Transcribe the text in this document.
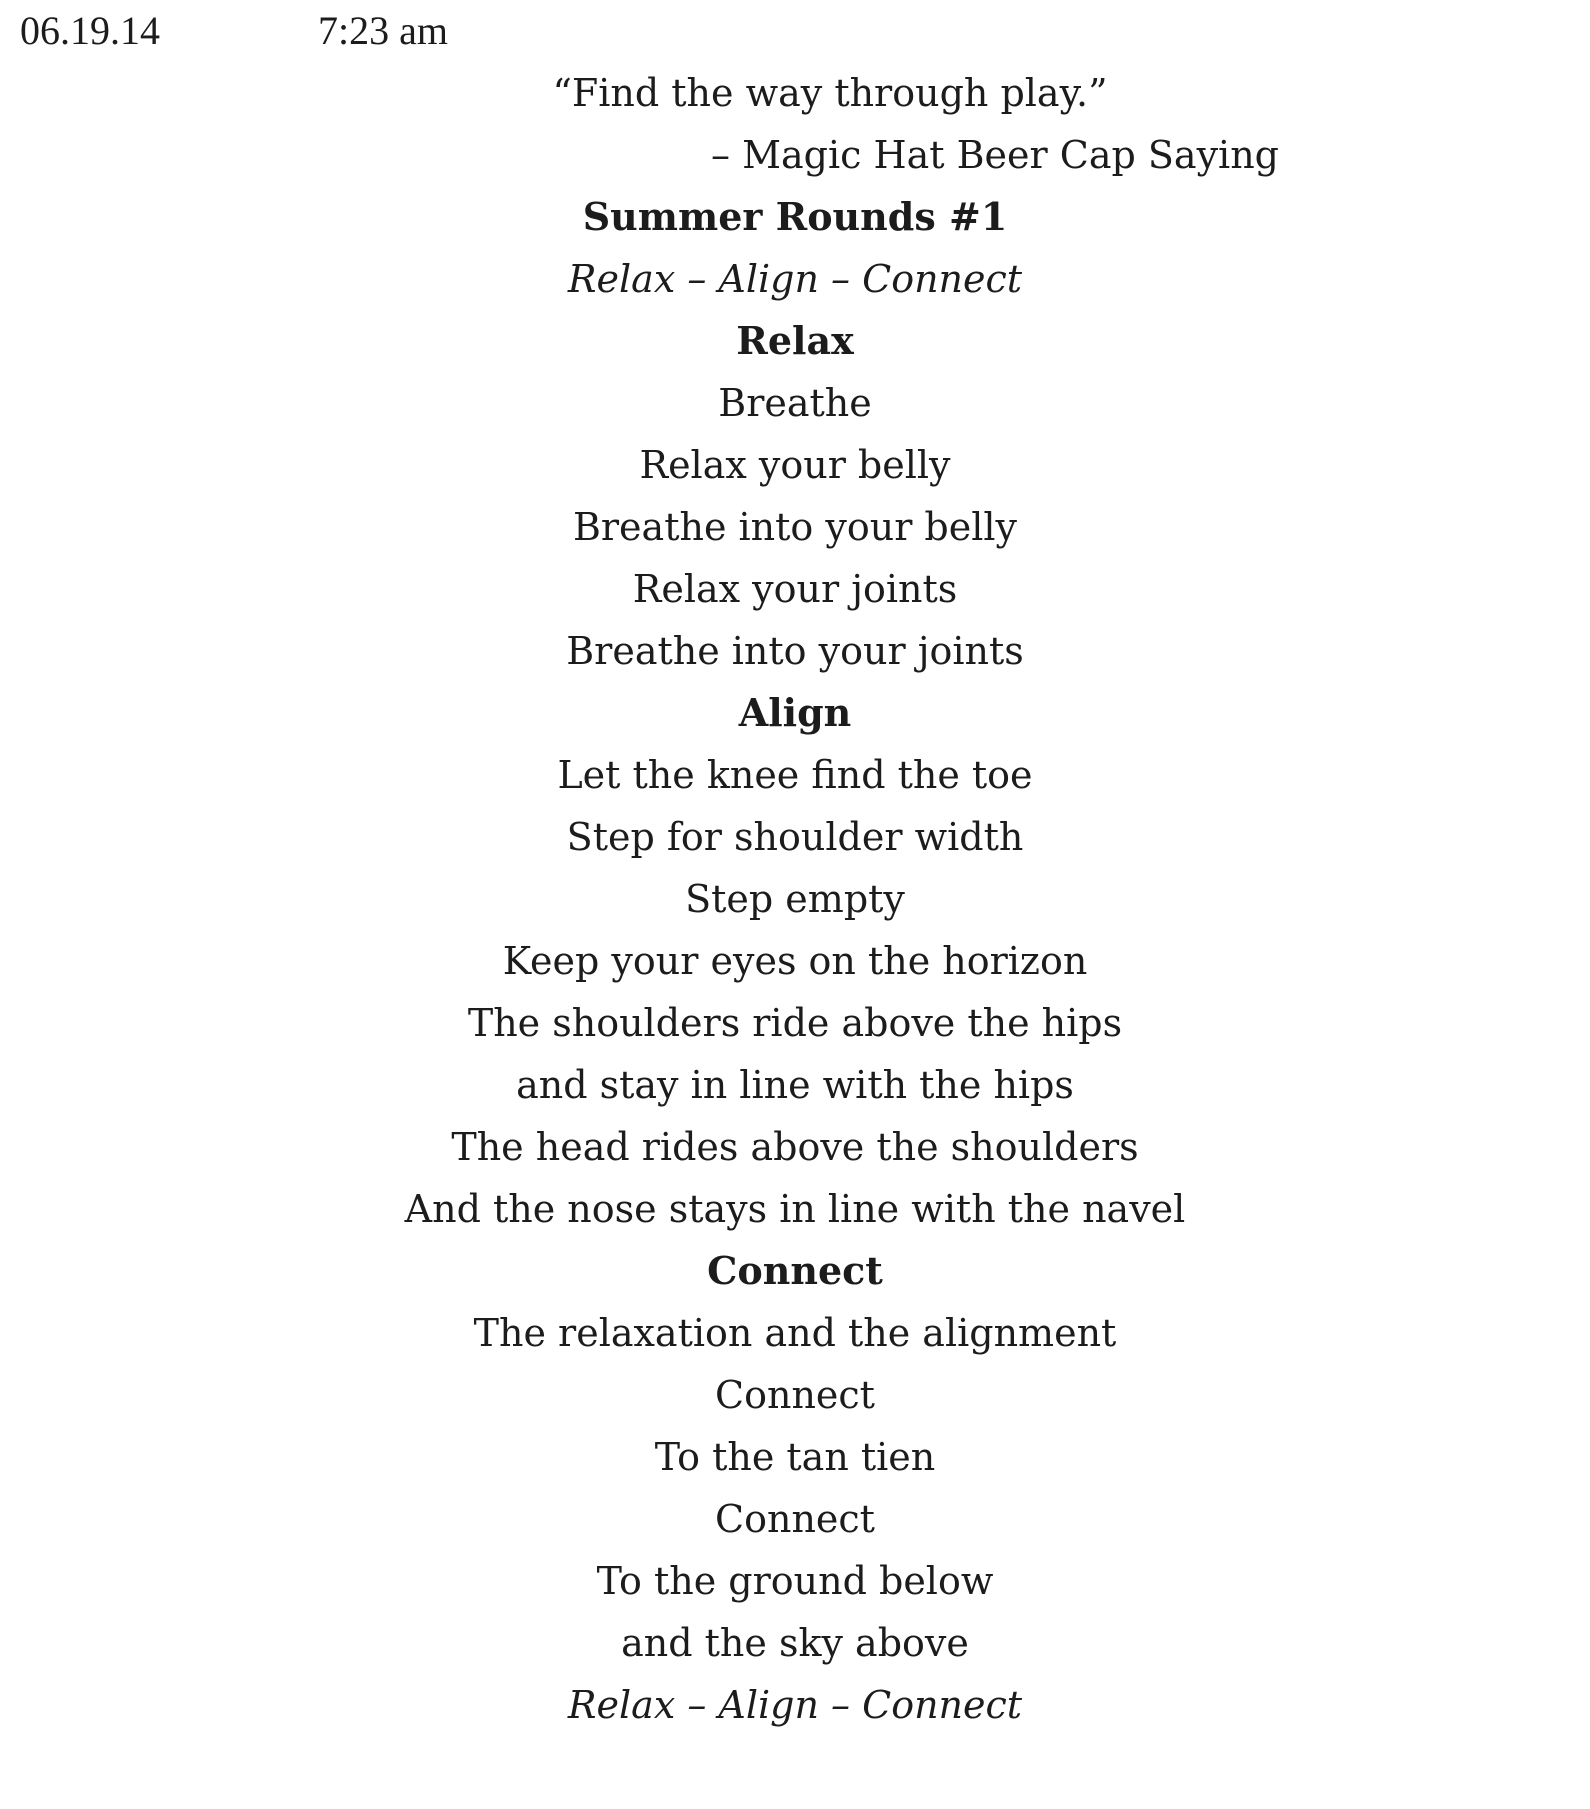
06.19.14	7:23 am
“Find the way through play.”
– Magic Hat Beer Cap Saying
Summer Rounds #1
Relax – Align – Connect
Relax
Breathe
Relax your belly
Breathe into your belly
Relax your joints
Breathe into your joints
Align
Let the knee find the toe
Step for shoulder width
Step empty
Keep your eyes on the horizon
The shoulders ride above the hips
and stay in line with the hips
The head rides above the shoulders
And the nose stays in line with the navel
Connect
The relaxation and the alignment
Connect
To the tan tien
Connect
To the ground below
and the sky above
Relax – Align – Connect
